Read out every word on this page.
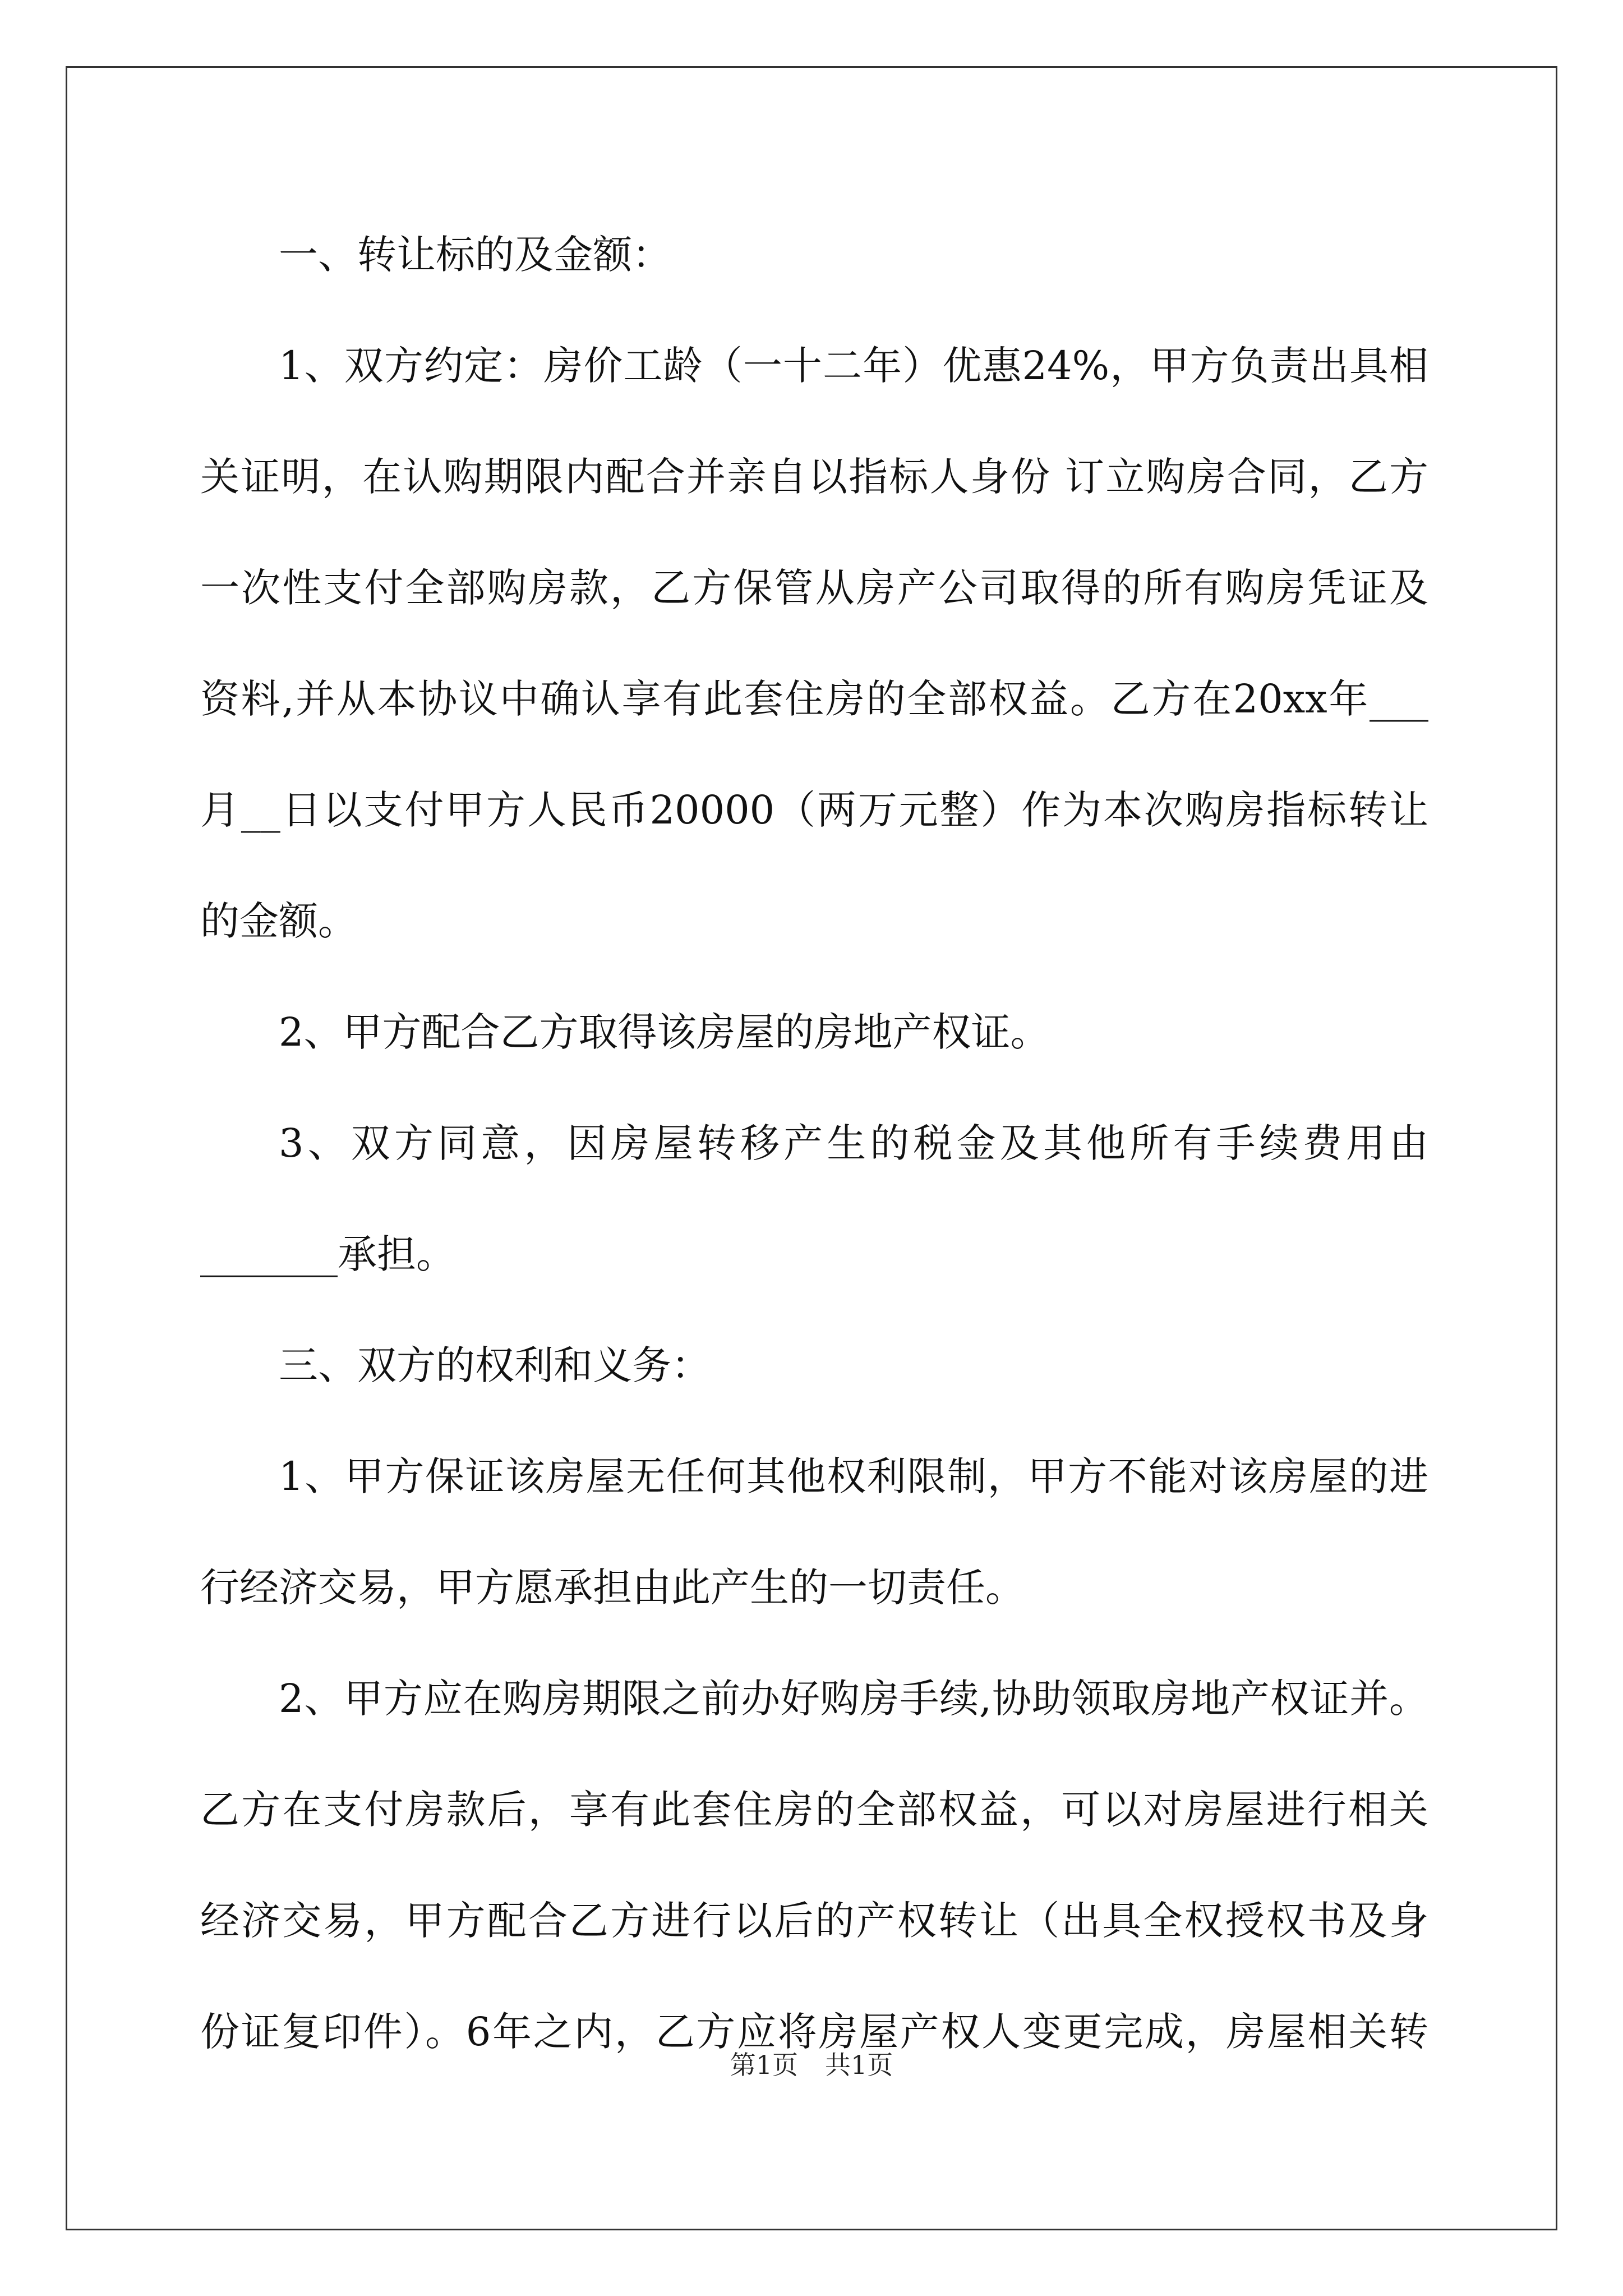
一、转让标的及金额：
1、双方约定：房价工龄（一十二年）优惠24%，甲方负责出具相
关证明，在认购期限内配合并亲自以指标人身份 订立购房合同，乙方
一次性支付全部购房款，乙方保管从房产公司取得的所有购房凭证及
资料,并从本协议中确认享有此套住房的全部权益。乙方在20xx年___
月__日以支付甲方人民币20000（两万元整）作为本次购房指标转让
的金额。
2、甲方配合乙方取得该房屋的房地产权证。
3、双方同意，因房屋转移产生的税金及其他所有手续费用由
_______承担。
三、双方的权利和义务：
1、甲方保证该房屋无任何其他权利限制，甲方不能对该房屋的进
行经济交易，甲方愿承担由此产生的一切责任。
2、甲方应在购房期限之前办好购房手续,协助领取房地产权证并。
乙方在支付房款后，享有此套住房的全部权益，可以对房屋进行相关
经济交易，甲方配合乙方进行以后的产权转让（出具全权授权书及身
份证复印件）。6年之内，乙方应将房屋产权人变更完成，房屋相关转
第1页 共1页
